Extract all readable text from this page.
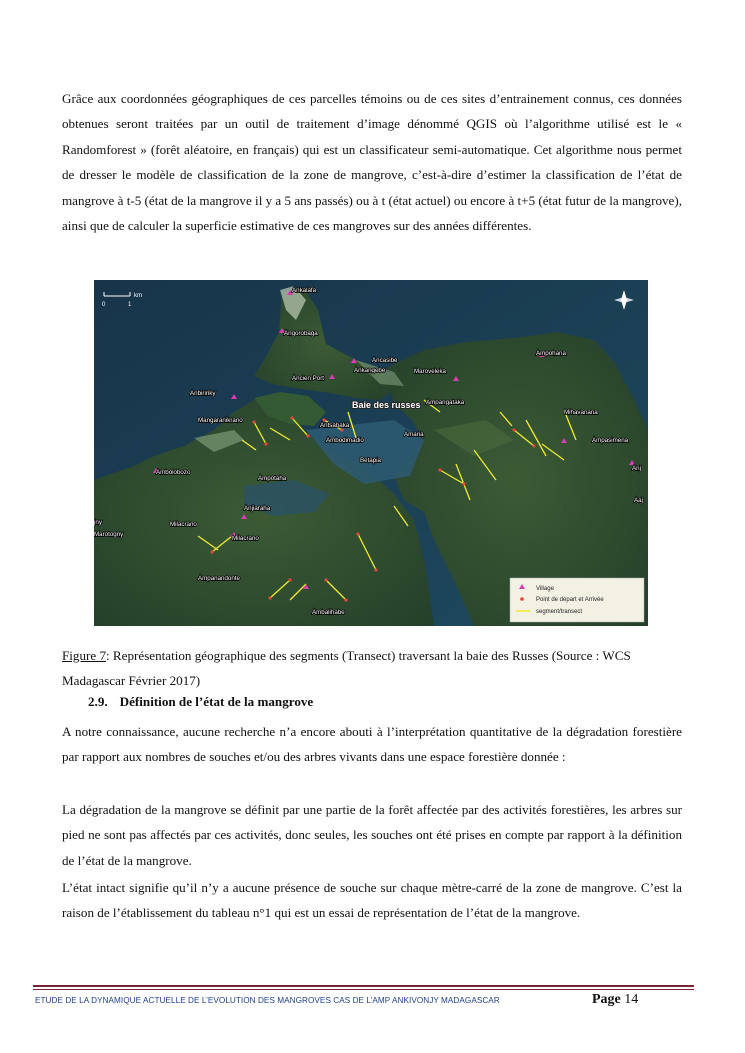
Grâce aux coordonnées géographiques de ces parcelles témoins ou de ces sites d’entrainement connus, ces données obtenues seront traitées par un outil de traitement d’image dénommé QGIS où l’algorithme utilisé est le « Randomforest » (forêt aléatoire, en français) qui est un classificateur semi-automatique. Cet algorithme nous permet de dresser le modèle de classification de la zone de mangrove, c’est-à-dire d’estimer la classification de l’état de mangrove à t-5 (état de la mangrove il y a 5 ans passés) ou à t (état actuel) ou encore à t+5 (état futur de la mangrove), ainsi que de calculer la superficie estimative de ces mangroves sur des années différentes.

km
0	1
Ankalafa
Angorobaga
Ancasibe
Ankangebe
Ancien Port
Anbiririky
Mangaranikrano
Antsabaka
Ambodimadio
Amaria
Betapia
Ambolobozo
Ampotaha
Anjiaraha
Milacrano
Milacrano
Marotogny
Ampanandonte
Ambalihabe
Maroveleka
Ampangataka
Ampohana
Mihavanana
Ampasimena
Anj
Aaj
jny
Baie des russes
Village
Point de départ et Arrivée
segment/transect

Figure 7: Représentation géographique des segments (Transect) traversant la baie des Russes (Source : WCS Madagascar Février 2017)

2.9. Définition de l’état de la mangrove

A notre connaissance, aucune recherche n’a encore abouti à l’interprétation quantitative de la dégradation forestière par rapport aux nombres de souches et/ou des arbres vivants dans une espace forestière donnée :

La dégradation de la mangrove se définit par une partie de la forêt affectée par des activités forestières, les arbres sur pied ne sont pas affectés par ces activités, donc seules, les souches ont été prises en compte par rapport à la définition de l’état de la mangrove.

L’état intact signifie qu’il n’y a aucune présence de souche sur chaque mètre-carré de la zone de mangrove. C’est la raison de l’établissement du tableau n°1 qui est un essai de représentation de l’état de la mangrove.

ETUDE DE LA DYNAMIQUE ACTUELLE DE L’EVOLUTION DES MANGROVES CAS DE L’AMP ANKIVONJY MADAGASCAR	Page 14
